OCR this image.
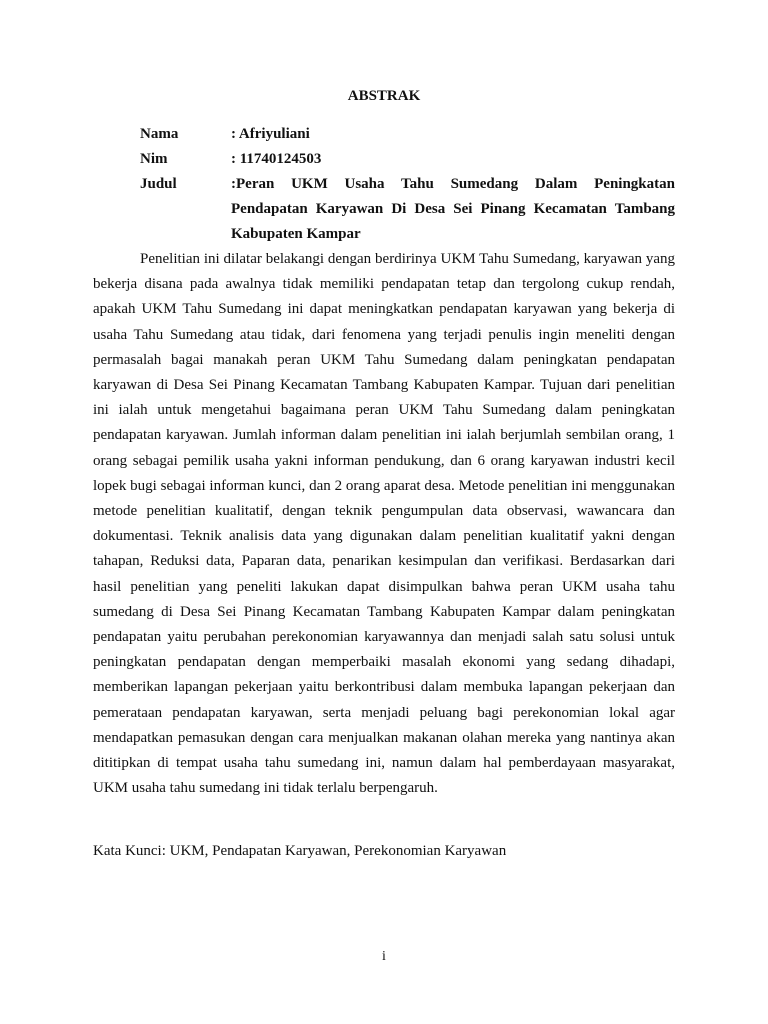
ABSTRAK
Nama	: Afriyuliani
Nim	: 11740124503
Judul	:Peran UKM Usaha Tahu Sumedang Dalam Peningkatan Pendapatan Karyawan Di Desa Sei Pinang Kecamatan Tambang Kabupaten Kampar

Penelitian ini dilatar belakangi dengan berdirinya UKM Tahu Sumedang, karyawan yang bekerja disana pada awalnya tidak memiliki pendapatan tetap dan tergolong cukup rendah, apakah UKM Tahu Sumedang ini dapat meningkatkan pendapatan karyawan yang bekerja di usaha Tahu Sumedang atau tidak, dari fenomena yang terjadi penulis ingin meneliti dengan permasalah bagai manakah peran UKM Tahu Sumedang dalam peningkatan pendapatan karyawan di Desa Sei Pinang Kecamatan Tambang Kabupaten Kampar. Tujuan dari penelitian ini ialah untuk mengetahui bagaimana peran UKM Tahu Sumedang dalam peningkatan pendapatan karyawan. Jumlah informan dalam penelitian ini ialah berjumlah sembilan orang, 1 orang sebagai pemilik usaha yakni informan pendukung, dan 6 orang karyawan industri kecil lopek bugi sebagai informan kunci, dan 2 orang aparat desa. Metode penelitian ini menggunakan metode penelitian kualitatif, dengan teknik pengumpulan data observasi, wawancara dan dokumentasi. Teknik analisis data yang digunakan dalam penelitian kualitatif yakni dengan tahapan, Reduksi data, Paparan data, penarikan kesimpulan dan verifikasi. Berdasarkan dari hasil penelitian yang peneliti lakukan dapat disimpulkan bahwa peran UKM usaha tahu sumedang di Desa Sei Pinang Kecamatan Tambang Kabupaten Kampar dalam peningkatan pendapatan yaitu perubahan perekonomian karyawannya dan menjadi salah satu solusi untuk peningkatan pendapatan dengan memperbaiki masalah ekonomi yang sedang dihadapi, memberikan lapangan pekerjaan yaitu berkontribusi dalam membuka lapangan pekerjaan dan pemerataan pendapatan karyawan, serta menjadi peluang bagi perekonomian lokal agar mendapatkan pemasukan dengan cara menjualkan makanan olahan mereka yang nantinya akan dititipkan di tempat usaha tahu sumedang ini, namun dalam hal pemberdayaan masyarakat, UKM usaha tahu sumedang ini tidak terlalu berpengaruh.

Kata Kunci: UKM, Pendapatan Karyawan, Perekonomian Karyawan
i
